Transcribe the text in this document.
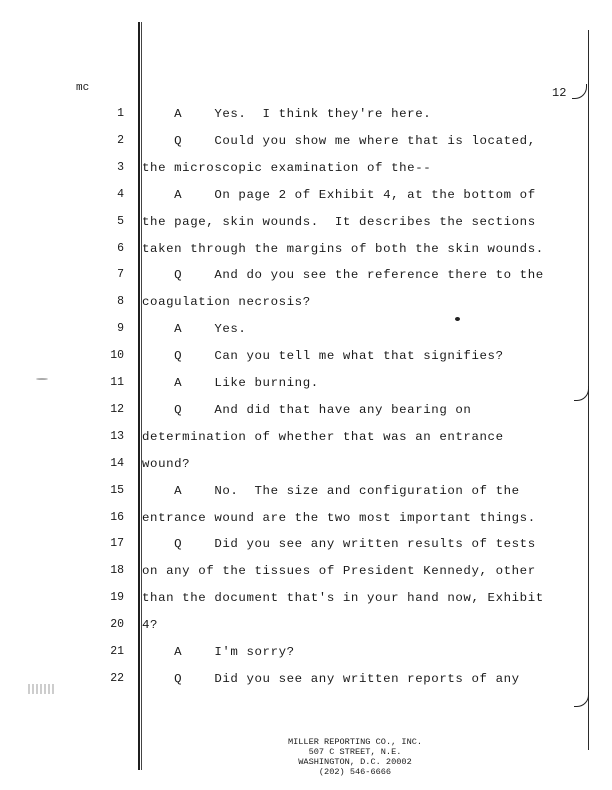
mc	12
1 A    Yes.  I think they're here.
2 Q    Could you show me where that is located,
3 the microscopic examination of the--
4 A    On page 2 of Exhibit 4, at the bottom of
5 the page, skin wounds.  It describes the sections
6 taken through the margins of both the skin wounds.
7 Q    And do you see the reference there to the
8 coagulation necrosis?
9 A    Yes.
10 Q    Can you tell me what that signifies?
11 A    Like burning.
12 Q    And did that have any bearing on
13 determination of whether that was an entrance
14 wound?
15 A    No.  The size and configuration of the
16 entrance wound are the two most important things.
17 Q    Did you see any written results of tests
18 on any of the tissues of President Kennedy, other
19 than the document that's in your hand now, Exhibit
20 4?
21 A    I'm sorry?
22 Q    Did you see any written reports of any
MILLER REPORTING CO., INC.
507 C STREET, N.E.
WASHINGTON, D.C. 20002
(202) 546-6666
